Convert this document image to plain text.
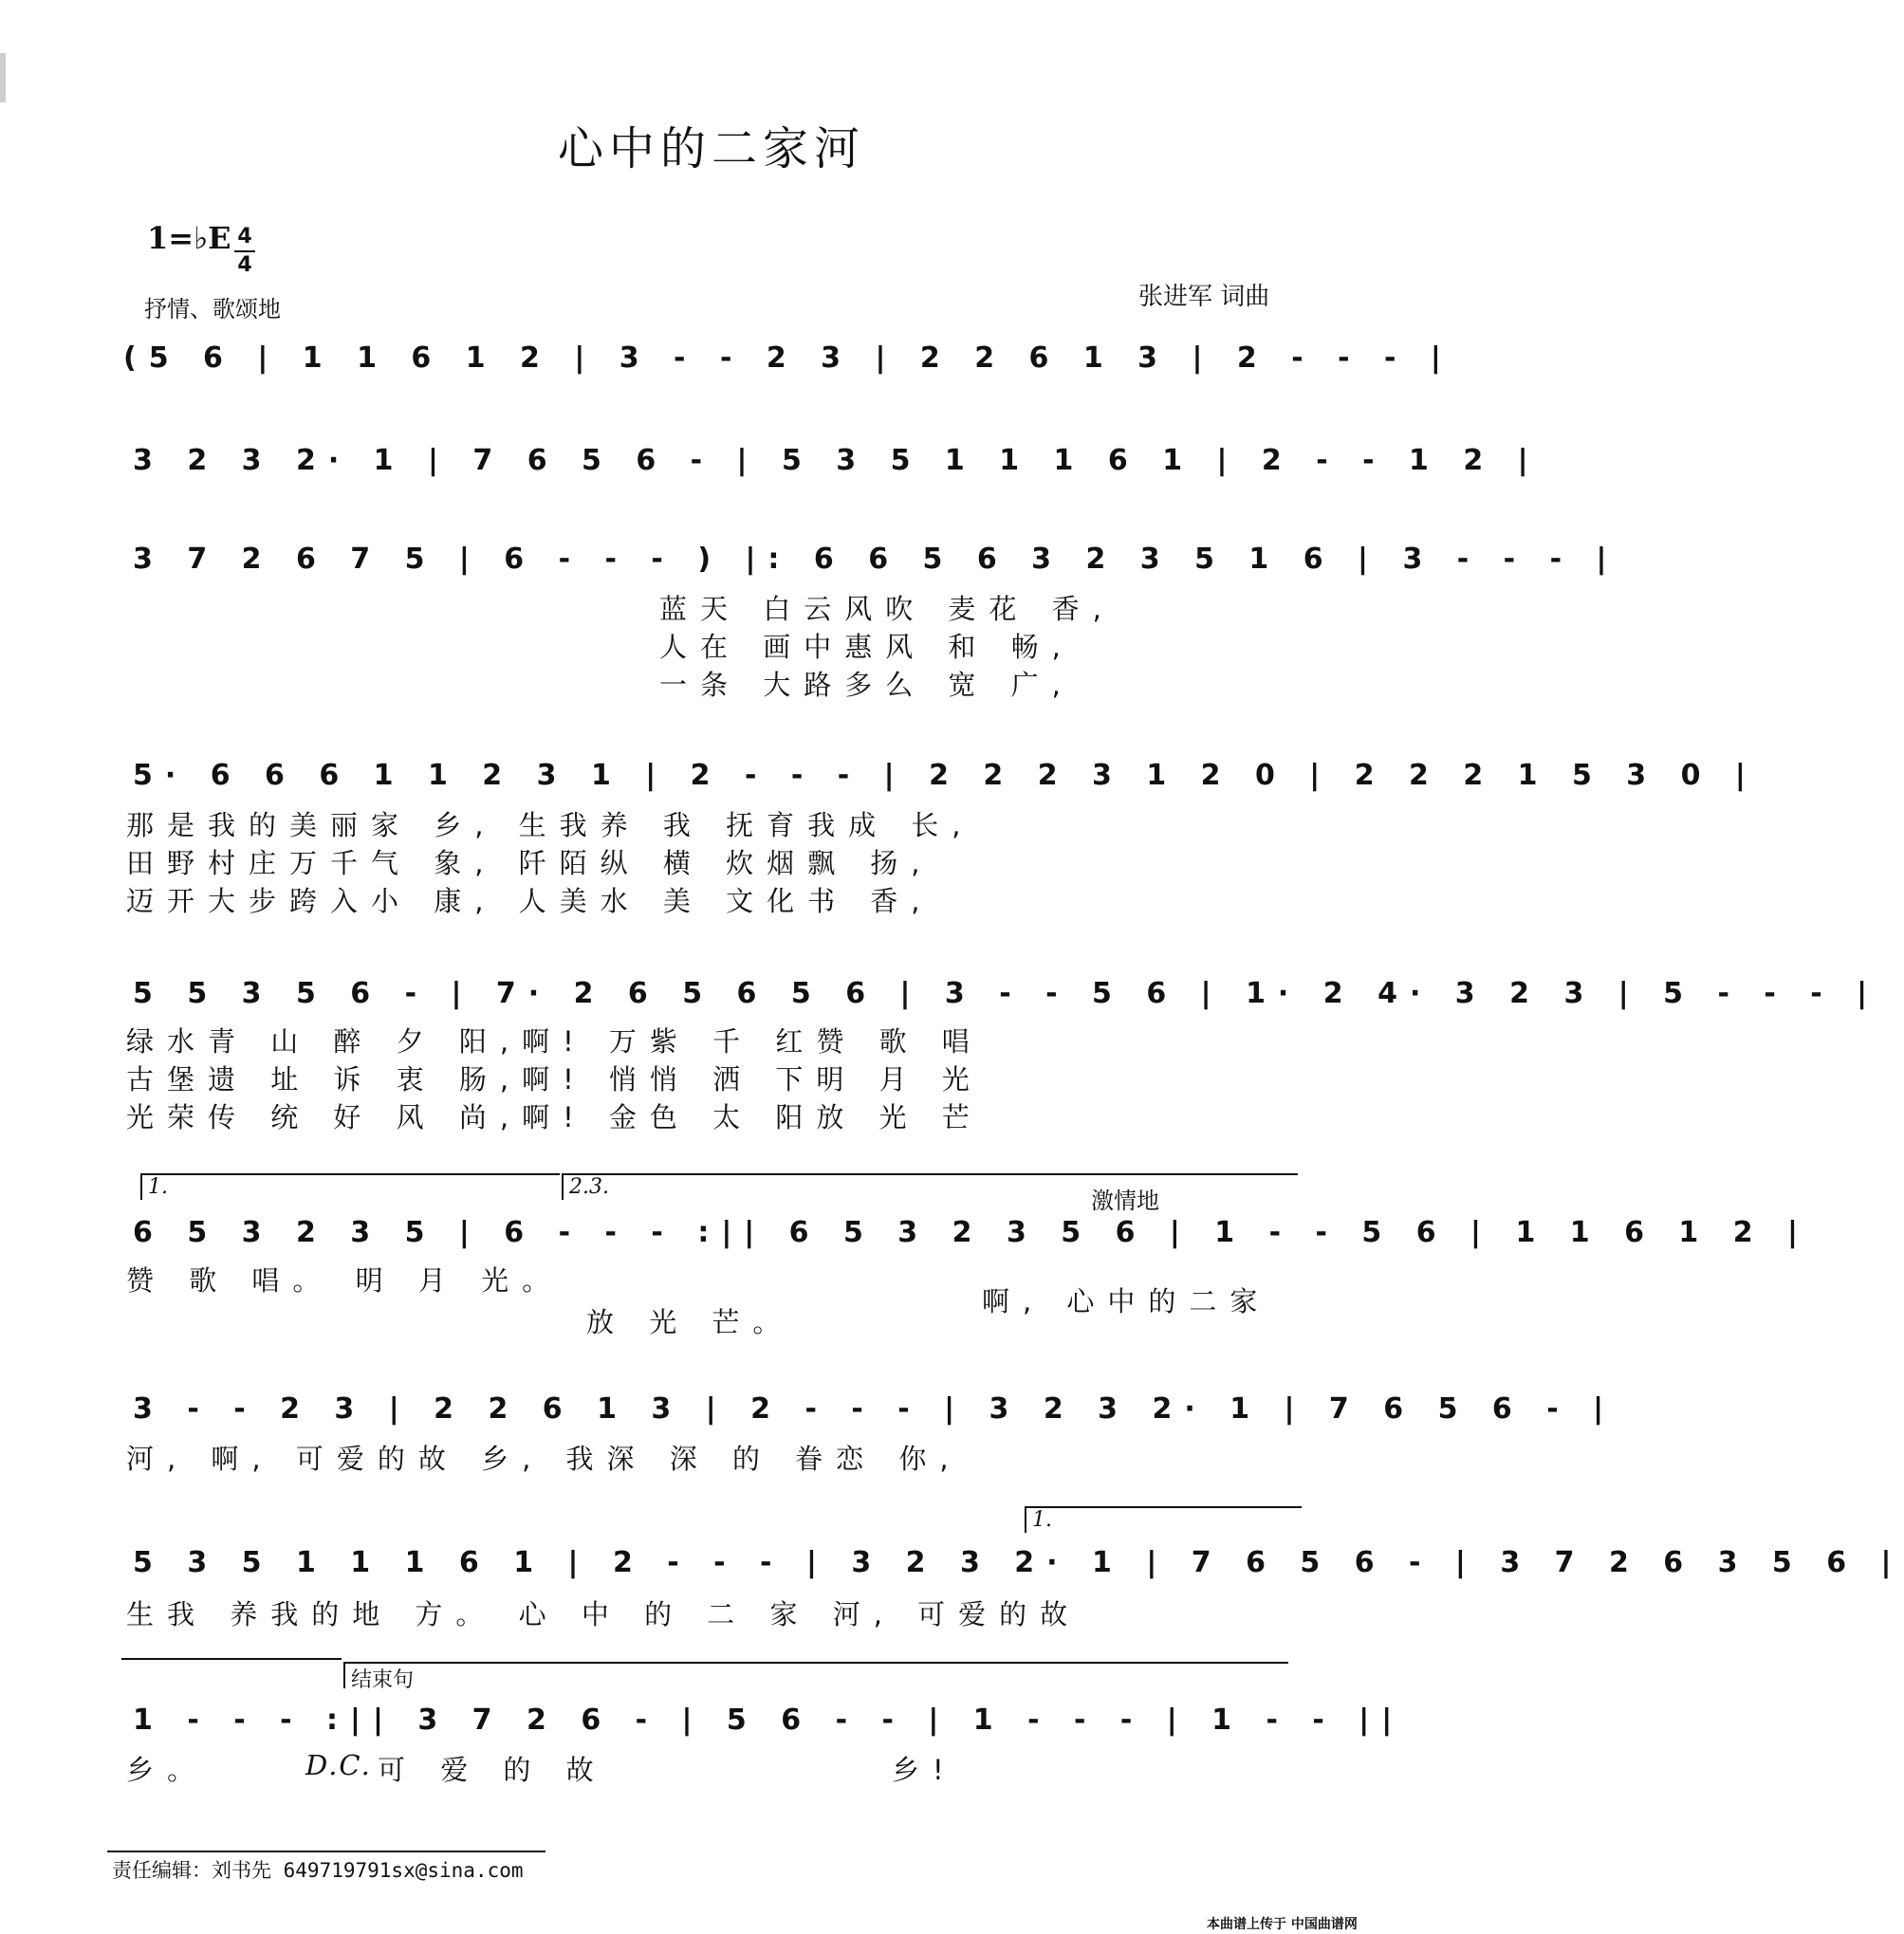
心中的二家河
1=♭E 4
4
抒情、歌颂地	张进军 词曲
(5 6 | 1 1 6 1 2 | 3 - - 2 3 | 2 2 6 1 3 | 2 - - - |
3 2 3 2· 1 | 7 6 5 6 - | 5 3 5 1 1 1 6 1 | 2 - - 1 2 |
3 7 2 6 7 5 | 6 - - - ) |: 6 6 5 6 3 2 3 5 1 6 | 3 - - - |
蓝天 白云风吹 麦花 香,
人在 画中惠风 和 畅,
一条 大路多么 宽 广,
5· 6 6 6 1 1 2 3 1 | 2 - - - | 2 2 2 3 1 2 0 | 2 2 2 1 5 3 0 |
那是我的美丽家 乡, 生我养 我 抚育我成 长,
田野村庄万千气 象, 阡陌纵 横 炊烟飘 扬,
迈开大步跨入小 康, 人美水 美 文化书 香,
5 5 3 5 6 - | 7· 2 6 5 6 5 6 | 3 - - 5 6 | 1· 2 4· 3 2 3 | 5 - - - |
绿水青 山 醉 夕 阳,啊! 万紫 千 红赞 歌 唱
古堡遗 址 诉 衷 肠,啊! 悄悄 洒 下明 月 光
光荣传 统 好 风 尚,啊! 金色 太 阳放 光 芒
1.	2.3.
激情地
6 5 3 2 3 5 | 6 - - - :|| 6 5 3 2 3 5 6 | 1 - - 5 6 | 1 1 6 1 2 |
赞 歌 唱。 明 月 光。
放 光 芒。
啊, 心中的二家
3 - - 2 3 | 2 2 6 1 3 | 2 - - - | 3 2 3 2· 1 | 7 6 5 6 - |
河, 啊, 可爱的故 乡, 我深 深 的 眷恋 你,
1.
5 3 5 1 1 1 6 1 | 2 - - - | 3 2 3 2· 1 | 7 6 5 6 - | 3 7 2 6 3 5 6 |
生我 养我的地 方。 心 中 的 二 家 河, 可爱的故
结束句
1 - - - :|| 3 7 2 6 - | 5 6 - - | 1 - - - | 1 - - ||
乡。	D.C. 可 爱 的 故	乡!
责任编辑：刘书先 649719791sx@sina.com
本曲谱上传于 中国曲谱网
